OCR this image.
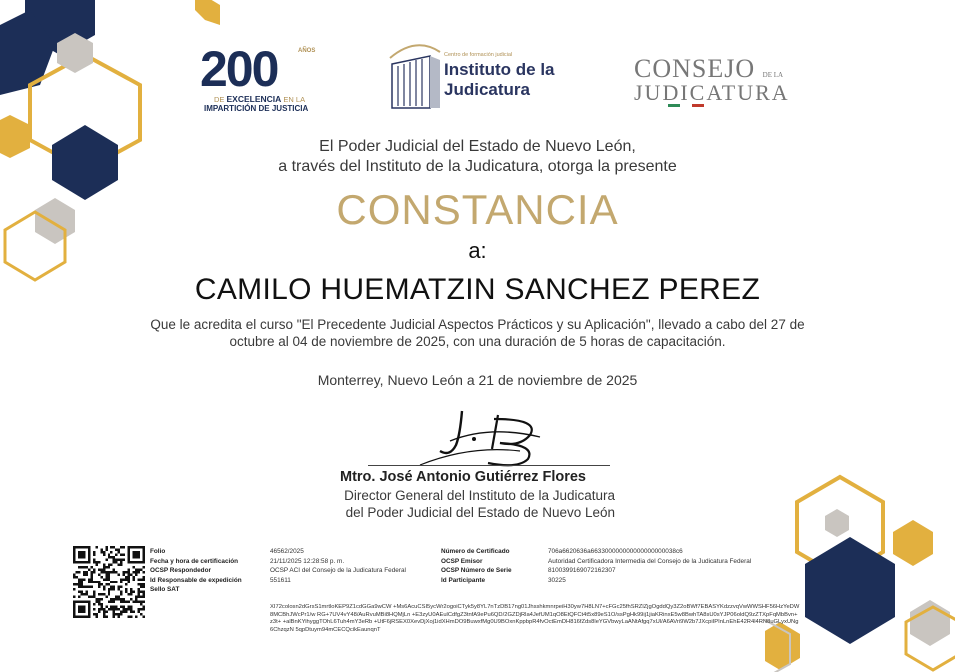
200	AÑOS
DE EXCELENCIA EN LA
IMPARTICIÓN DE JUSTICIA
Centro de formación judicial
Instituto de la
Judicatura
CONSEJO DE LA
JUDICATURA
El Poder Judicial del Estado de Nuevo León,
a través del Instituto de la Judicatura, otorga la presente
CONSTANCIA
a:
CAMILO HUEMATZIN SANCHEZ PEREZ
Que le acredita el curso "El Precedente Judicial Aspectos Prácticos y su Aplicación", llevado a cabo del 27 de
octubre al 04 de noviembre de 2025, con una duración de 5 horas de capacitación.
Monterrey, Nuevo León a 21 de noviembre de 2025
Mtro. José Antonio Gutiérrez Flores
Director General del Instituto de la Judicatura
del Poder Judicial del Estado de Nuevo León
Folio
Fecha y hora de certificación
OCSP Respondedor
Id Responsable de expedición
Sello SAT
46562/2025
21/11/2025 12:28:58 p. m.
OCSP ACI del Consejo de la Judicatura Federal
551611
Número de Certificado
OCSP Emisor
OCSP Número de Serie
Id Participante
706a6620636a663300000000000000000038c6
Autoridad Certificadora Intermedia del Consejo de la Judicatura Federal
8100399169072162307
30225
XI72colosn2dGrsS1mrtloKEP9Z1cdGGa9wCW +Ms6AcuCSI5ycWr2ogoiCTyk5y8YL7nTzDB17ng01JhsshkmnrpeiH30yw7H8LN7+cFGc25fhSRZlZjgOgddQy3Z2oBWf7EBASYKdzzvqVwWWSHF56HzYeDW8MCBhJWcPr1/w RG+7UV4vY48/AuRvuMBi8HQMjLn +E3zyU0AEulCdfgZ3tnfA9ePu6QD/2GZDjRla4JefUM1qO8EtQFCt4t5x89eS1O/ssPgHk99ij1jiaKRinxE5w8BwhTA8sU0sYJP06oldQ9zZTXpFqMbBvn+z3t+ +alBnKYihyggTOhL6Tuh4mY3eRb +UtF6jRSEX0XevDjXoj1idXHmDO9BuwxfMg0U9BOxnKppbpR4fvOctEmDH816fZds8leYGVbwyLaANtAfgq7xUl/A6AVri9W2b7JXcpiIPInLnEhE42R4l4RN8uGLyxUNg6ChzqzN 5qpDtuym94mCECQcikEaunqnT
